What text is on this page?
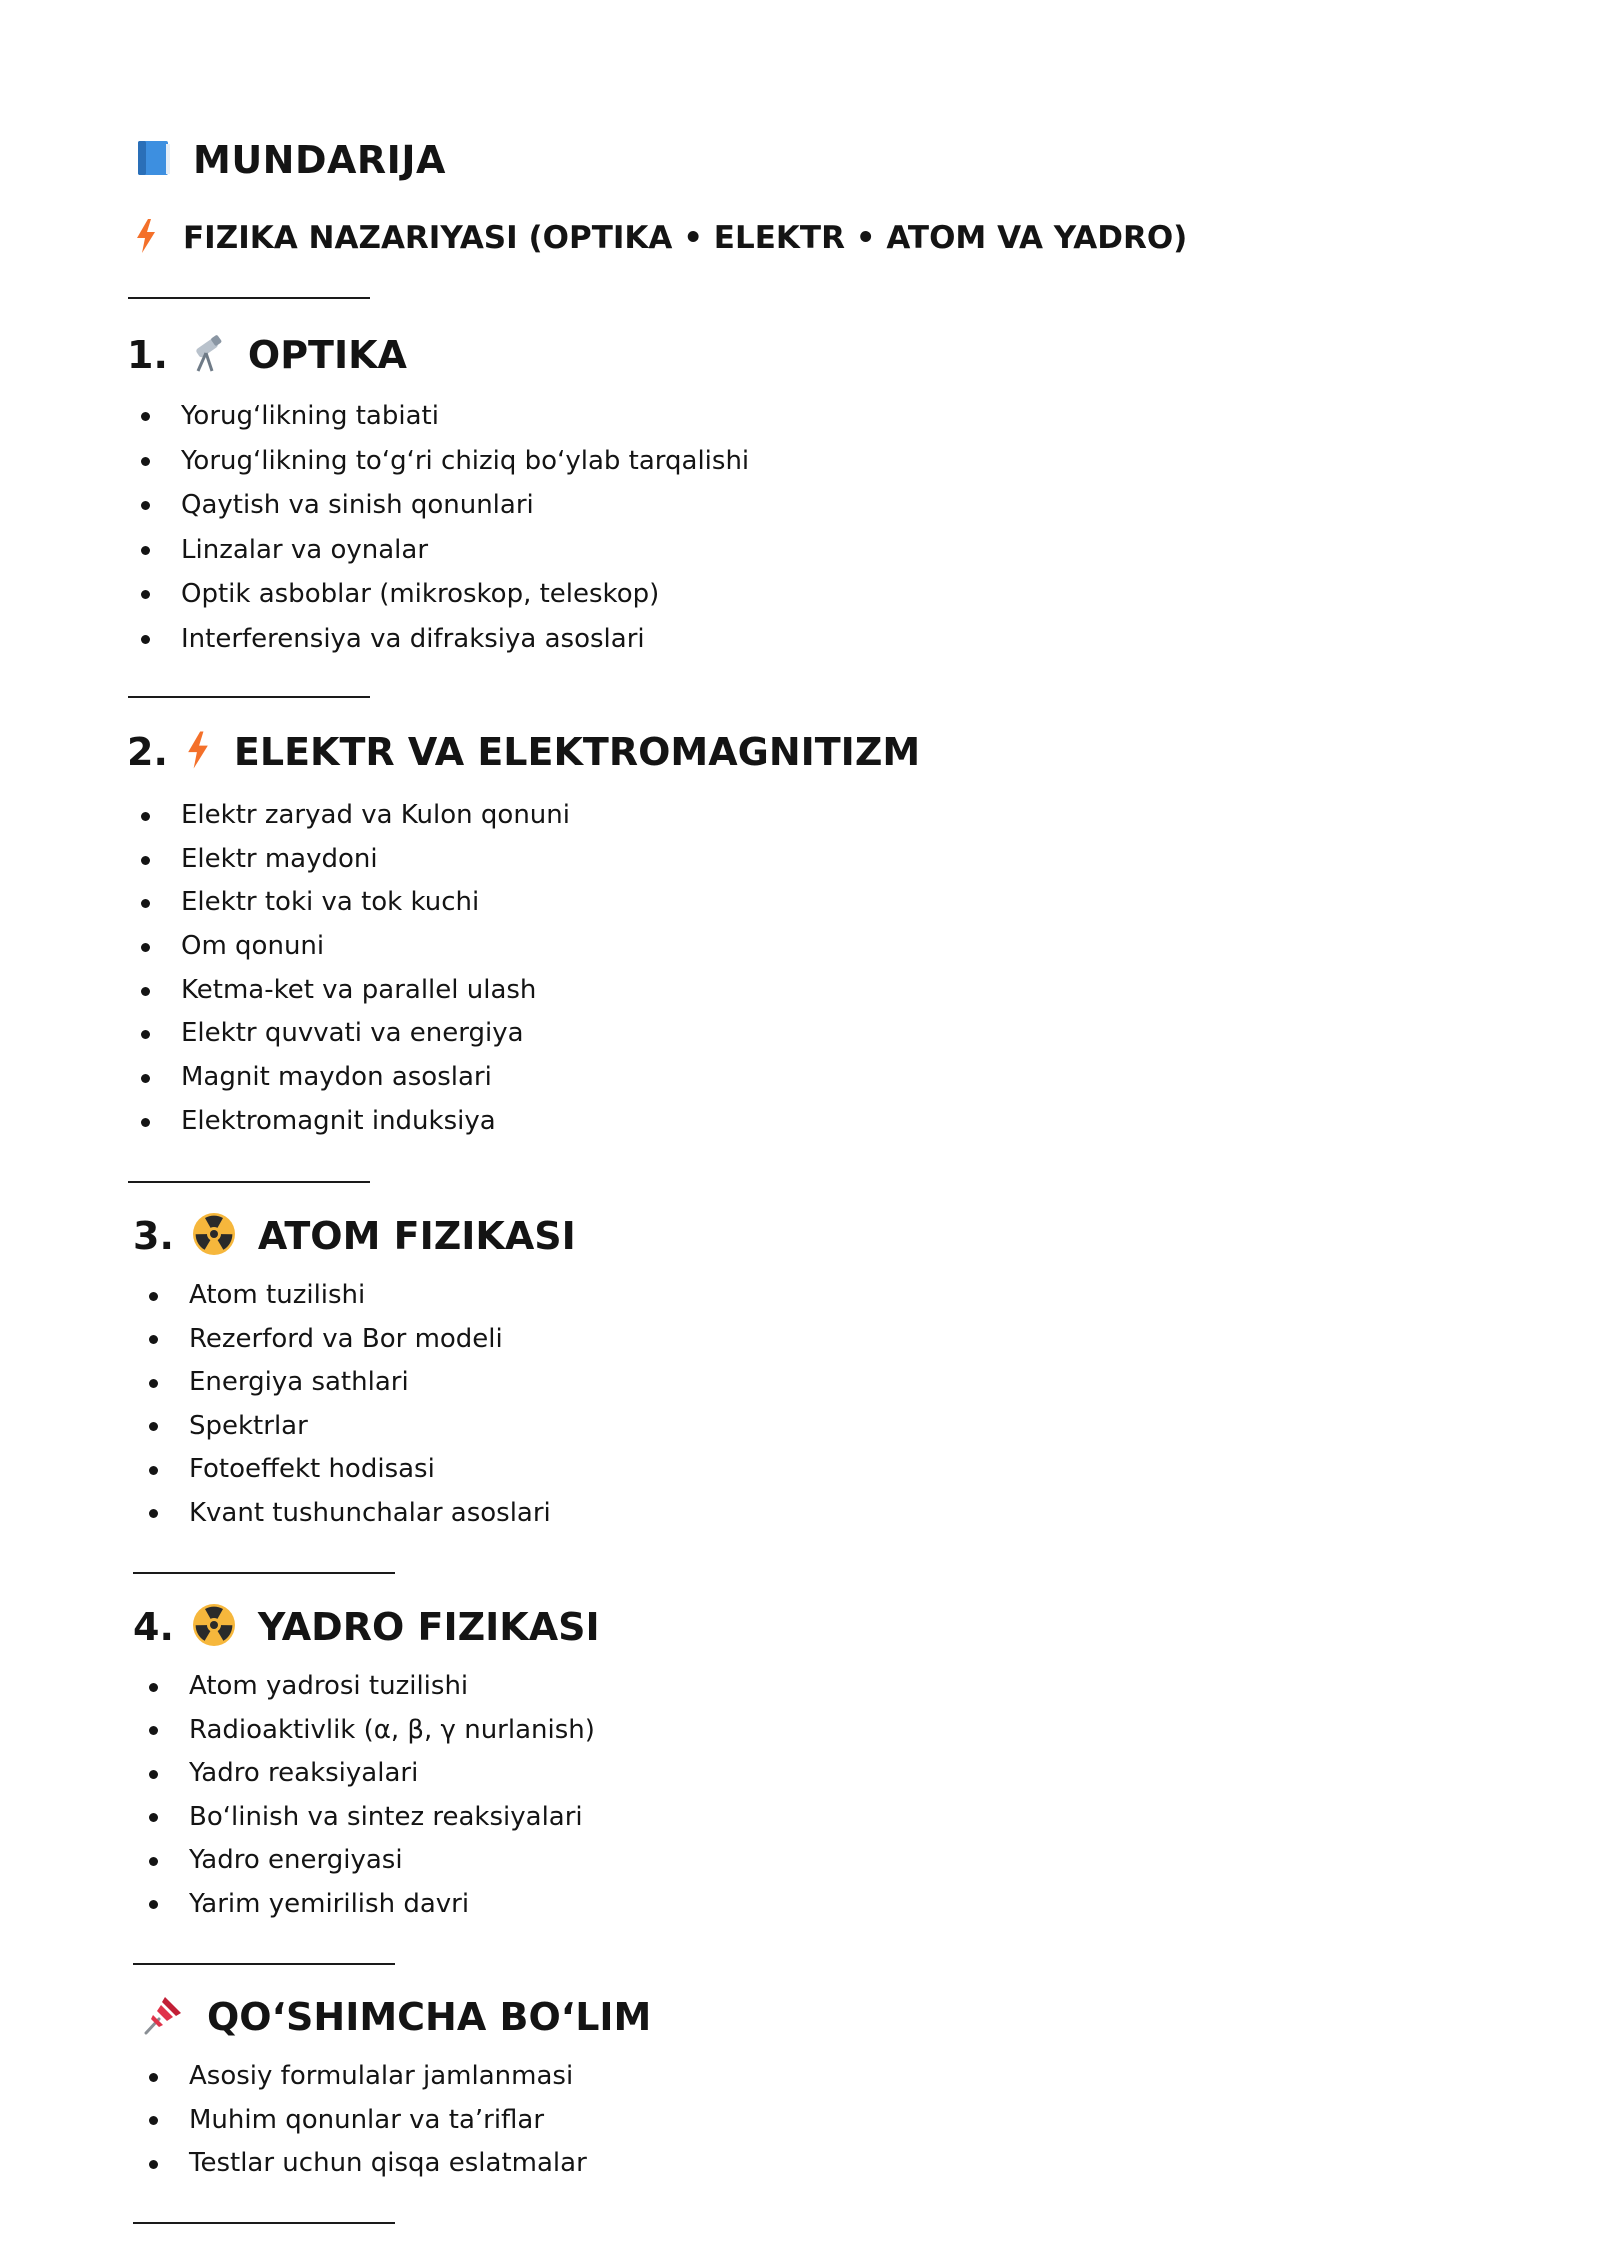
MUNDARIJA
FIZIKA NAZARIYASI (OPTIKA • ELEKTR • ATOM VA YADRO)
1. OPTIKA
Yorug‘likning tabiati
Yorug‘likning to‘g‘ri chiziq bo‘ylab tarqalishi
Qaytish va sinish qonunlari
Linzalar va oynalar
Optik asboblar (mikroskop, teleskop)
Interferensiya va difraksiya asoslari
2. ELEKTR VA ELEKTROMAGNITIZM
Elektr zaryad va Kulon qonuni
Elektr maydoni
Elektr toki va tok kuchi
Om qonuni
Ketma-ket va parallel ulash
Elektr quvvati va energiya
Magnit maydon asoslari
Elektromagnit induksiya
3. ATOM FIZIKASI
Atom tuzilishi
Rezerford va Bor modeli
Energiya sathlari
Spektrlar
Fotoeffekt hodisasi
Kvant tushunchalar asoslari
4. YADRO FIZIKASI
Atom yadrosi tuzilishi
Radioaktivlik (α, β, γ nurlanish)
Yadro reaksiyalari
Bo‘linish va sintez reaksiyalari
Yadro energiyasi
Yarim yemirilish davri
QO‘SHIMCHA BO‘LIM
Asosiy formulalar jamlanmasi
Muhim qonunlar va ta’riflar
Testlar uchun qisqa eslatmalar
